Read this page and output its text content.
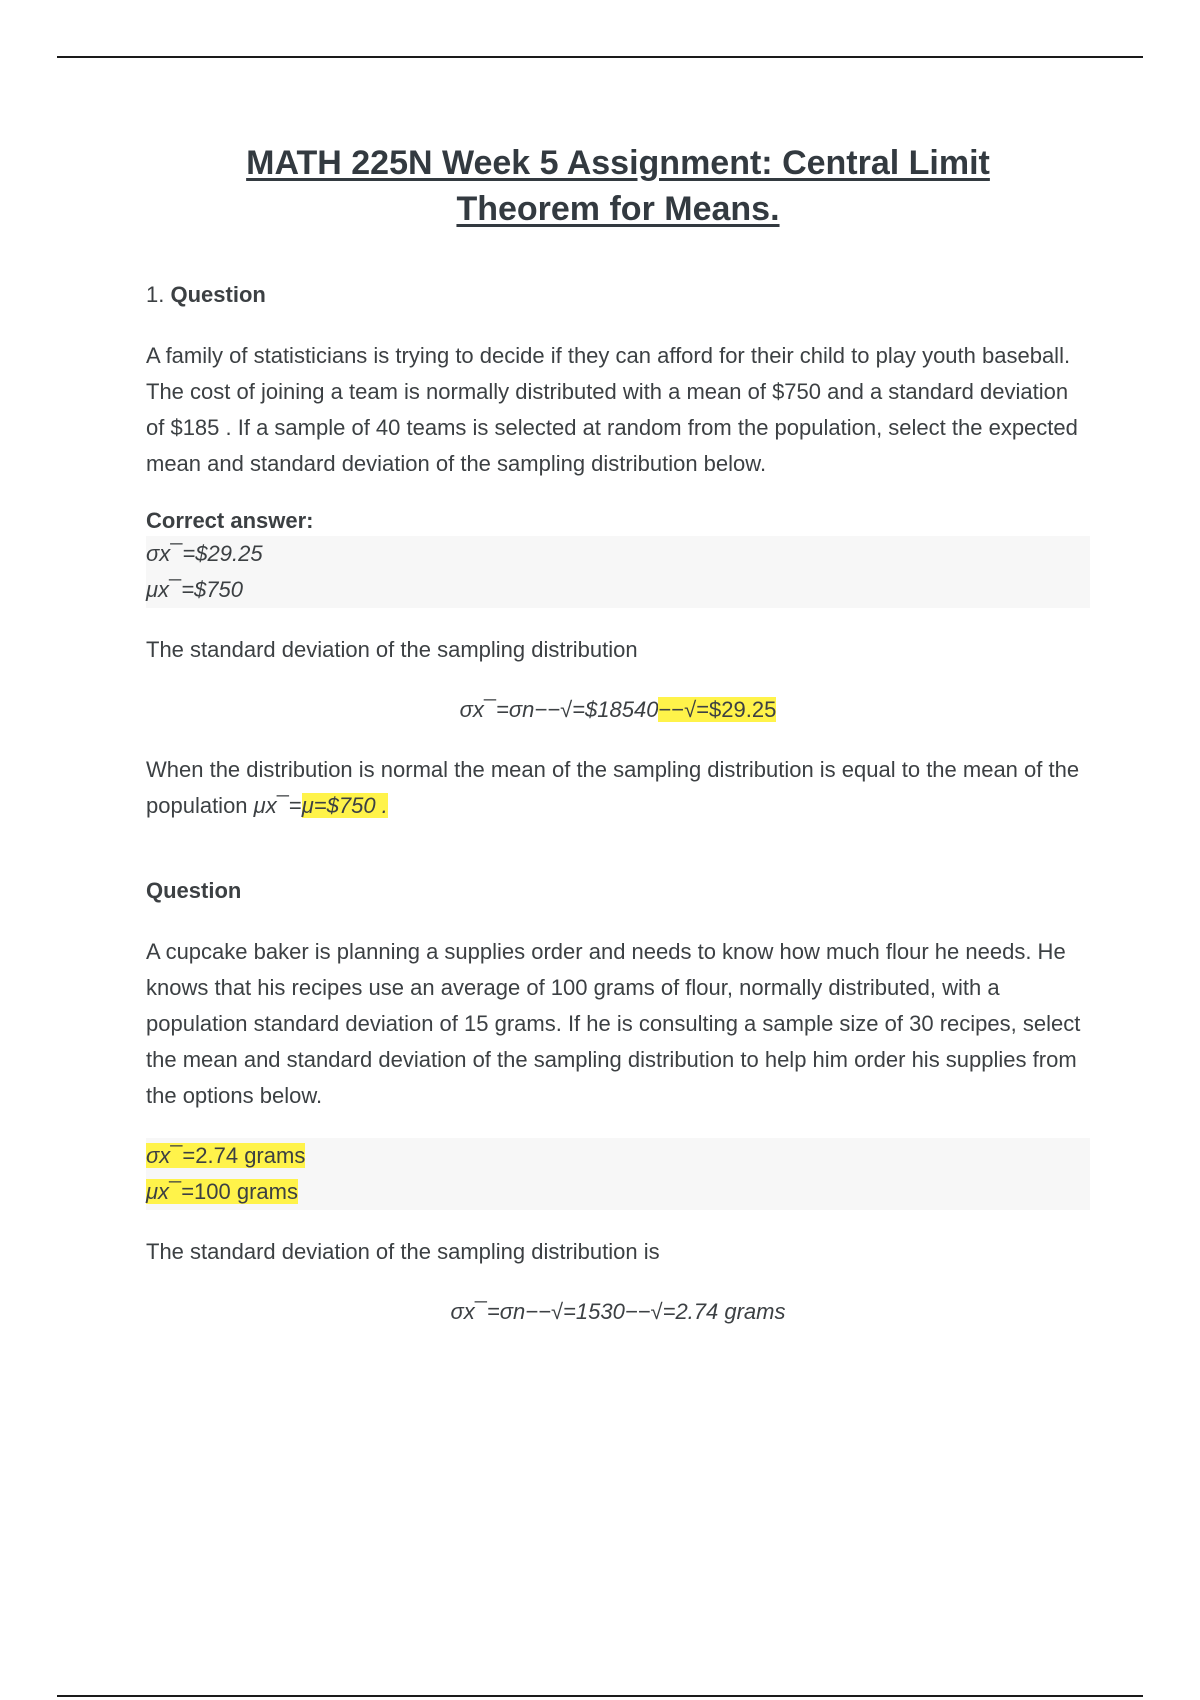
MATH 225N Week 5 Assignment: Central Limit
Theorem for Means.
1. Question

A family of statisticians is trying to decide if they can afford for their child to play youth baseball. The cost of joining a team is normally distributed with a mean of $750 and a standard deviation of $185 . If a sample of 40 teams is selected at random from the population, select the expected mean and standard deviation of the sampling distribution below.

Correct answer:
σx¯=$29.25
μx¯=$750

The standard deviation of the sampling distribution

σx¯=σn−−√=$18540−−√=$29.25

When the distribution is normal the mean of the sampling distribution is equal to the mean of the population μx¯=μ=$750 .

Question

A cupcake baker is planning a supplies order and needs to know how much flour he needs. He knows that his recipes use an average of 100 grams of flour, normally distributed, with a population standard deviation of 15 grams. If he is consulting a sample size of 30 recipes, select the mean and standard deviation of the sampling distribution to help him order his supplies from the options below.

σx¯=2.74 grams
μx¯=100 grams

The standard deviation of the sampling distribution is

σx¯=σn−−√=1530−−√=2.74 grams
